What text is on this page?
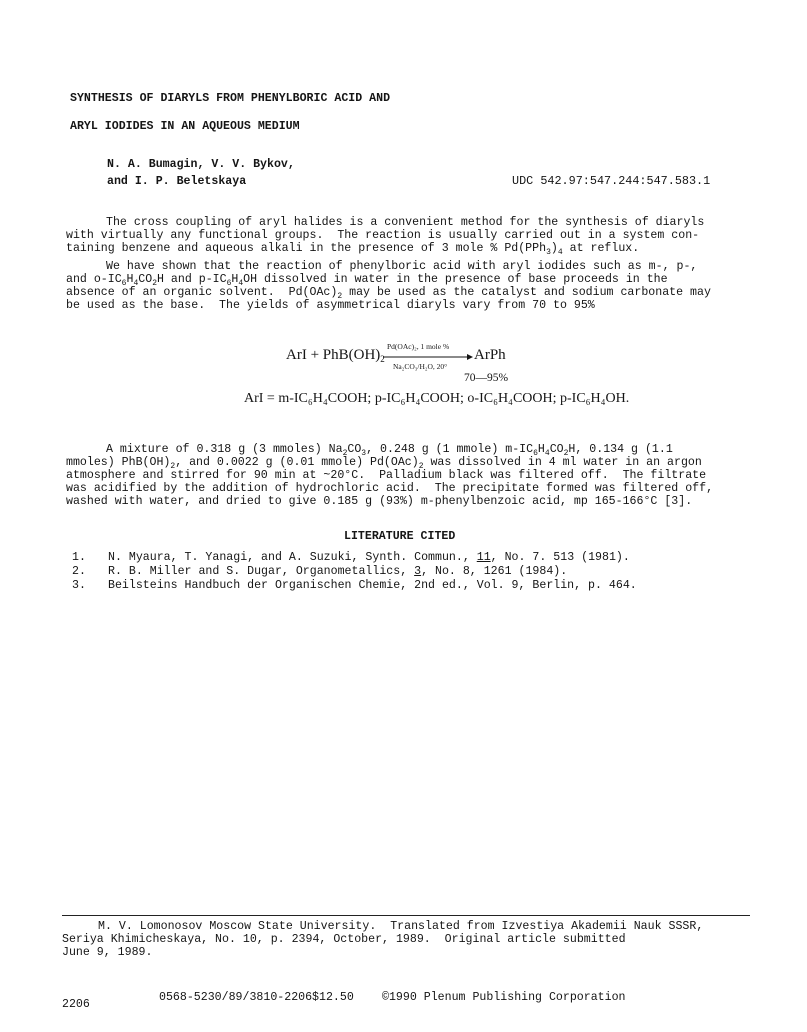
SYNTHESIS OF DIARYLS FROM PHENYLBORIC ACID AND
ARYL IODIDES IN AN AQUEOUS MEDIUM
N. A. Bumagin, V. V. Bykov,
and I. P. Beletskaya	UDC 542.97:547.244:547.583.1
The cross coupling of aryl halides is a convenient method for the synthesis of diaryls
with virtually any functional groups.  The reaction is usually carried out in a system con-
taining benzene and aqueous alkali in the presence of 3 mole % $Pd(PPh_3)_4$ at reflux.
We have shown that the reaction of phenylboric acid with aryl iodides such as m-, p-,
and $o-IC_6H_4CO_2H$ and $p-IC_6H_4OH$ dissolved in water in the presence of base proceeds in the
absence of an organic solvent.  $Pd(OAc)_2$ may be used as the catalyst and sodium carbonate may
be used as the base.  The yields of asymmetrical diaryls vary from 70 to 95%
ArI + $PhB(OH)_2$
Pd(OAc)₂, 1 mole %
Na₂CO₃/H₂O, 20°
ArPh
70—95%
ArI = m-IC₆H₄COOH; p-IC₆H₄COOH; o-IC₆H₄COOH; p-IC₆H₄OH.
A mixture of 0.318 g (3 mmoles) $Na_2CO_3$, 0.248 g (1 mmole) $m-IC_6H_4CO_2H$, 0.134 g (1.1
mmoles) $PhB(OH)_2$, and 0.0022 g (0.01 mmole) $Pd(OAc)_2$ was dissolved in 4 ml water in an argon
atmosphere and stirred for 90 min at ~20°C.  Palladium black was filtered off.  The filtrate
was acidified by the addition of hydrochloric acid.  The precipitate formed was filtered off,
washed with water, and dried to give 0.185 g (93%) m-phenylbenzoic acid, mp 165-166°C [3].
LITERATURE CITED
1. N. Myaura, T. Yanagi, and A. Suzuki, Synth. Commun., 11, No. 7. 513 (1981).
2. R. B. Miller and S. Dugar, Organometallics, 3, No. 8, 1261 (1984).
3. Beilsteins Handbuch der Organischen Chemie, 2nd ed., Vol. 9, Berlin, p. 464.
M. V. Lomonosov Moscow State University.  Translated from Izvestiya Akademii Nauk SSSR,
Seriya Khimicheskaya, No. 10, p. 2394, October, 1989.  Original article submitted
June 9, 1989.
2206
0568-5230/89/3810-2206$12.50 ©1990 Plenum Publishing Corporation
